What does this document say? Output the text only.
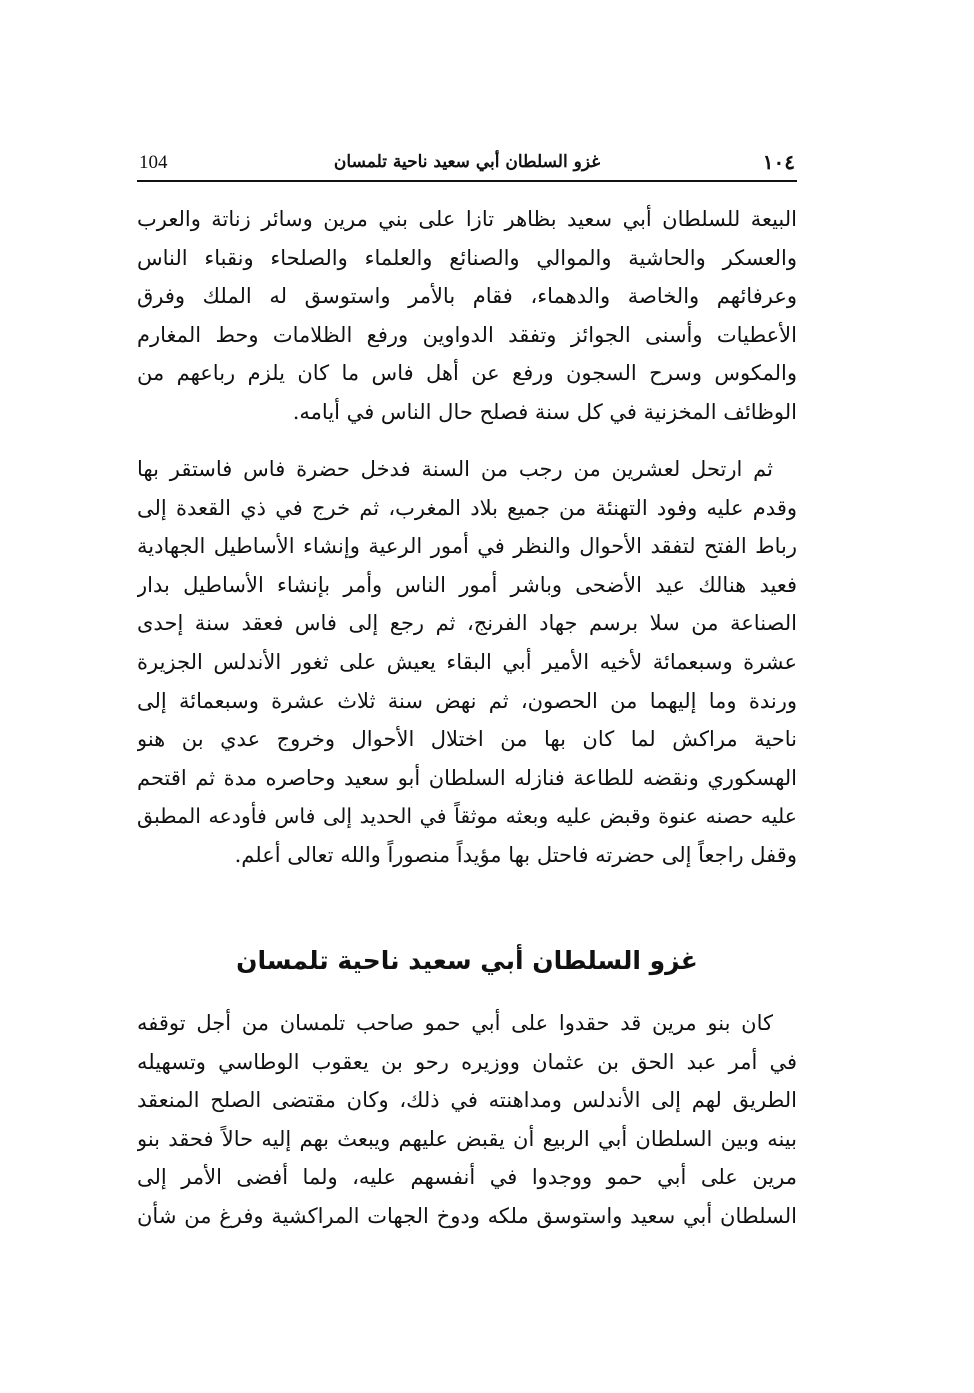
104	غزو السلطان أبي سعيد ناحية تلمسان	١٠٤
البيعة للسلطان أبي سعيد بظاهر تازا على بني مرين وسائر زناتة والعرب
والعسكر والحاشية والموالي والصنائع والعلماء والصلحاء ونقباء الناس
وعرفائهم والخاصة والدهماء، فقام بالأمر واستوسق له الملك وفرق
الأعطيات وأسنى الجوائز وتفقد الدواوين ورفع الظلامات وحط المغارم
والمكوس وسرح السجون ورفع عن أهل فاس ما كان يلزم رباعهم من
الوظائف المخزنية في كل سنة فصلح حال الناس في أيامه.
ثم ارتحل لعشرين من رجب من السنة فدخل حضرة فاس فاستقر بها
وقدم عليه وفود التهنئة من جميع بلاد المغرب، ثم خرج في ذي القعدة إلى
رباط الفتح لتفقد الأحوال والنظر في أمور الرعية وإنشاء الأساطيل الجهادية
فعيد هنالك عيد الأضحى وباشر أمور الناس وأمر بإنشاء الأساطيل بدار
الصناعة من سلا برسم جهاد الفرنج، ثم رجع إلى فاس فعقد سنة إحدى
عشرة وسبعمائة لأخيه الأمير أبي البقاء يعيش على ثغور الأندلس الجزيرة
ورندة وما إليهما من الحصون، ثم نهض سنة ثلاث عشرة وسبعمائة إلى
ناحية مراكش لما كان بها من اختلال الأحوال وخروج عدي بن هنو
الهسكوري ونقضه للطاعة فنازله السلطان أبو سعيد وحاصره مدة ثم اقتحم
عليه حصنه عنوة وقبض عليه وبعثه موثقاً في الحديد إلى فاس فأودعه المطبق
وقفل راجعاً إلى حضرته فاحتل بها مؤيداً منصوراً والله تعالى أعلم.
غزو السلطان أبي سعيد ناحية تلمسان
كان بنو مرين قد حقدوا على أبي حمو صاحب تلمسان من أجل توقفه
في أمر عبد الحق بن عثمان ووزيره رحو بن يعقوب الوطاسي وتسهيله
الطريق لهم إلى الأندلس ومداهنته في ذلك، وكان مقتضى الصلح المنعقد
بينه وبين السلطان أبي الربيع أن يقبض عليهم ويبعث بهم إليه حالاً فحقد بنو
مرين على أبي حمو ووجدوا في أنفسهم عليه، ولما أفضى الأمر إلى
السلطان أبي سعيد واستوسق ملكه ودوخ الجهات المراكشية وفرغ من شأن
